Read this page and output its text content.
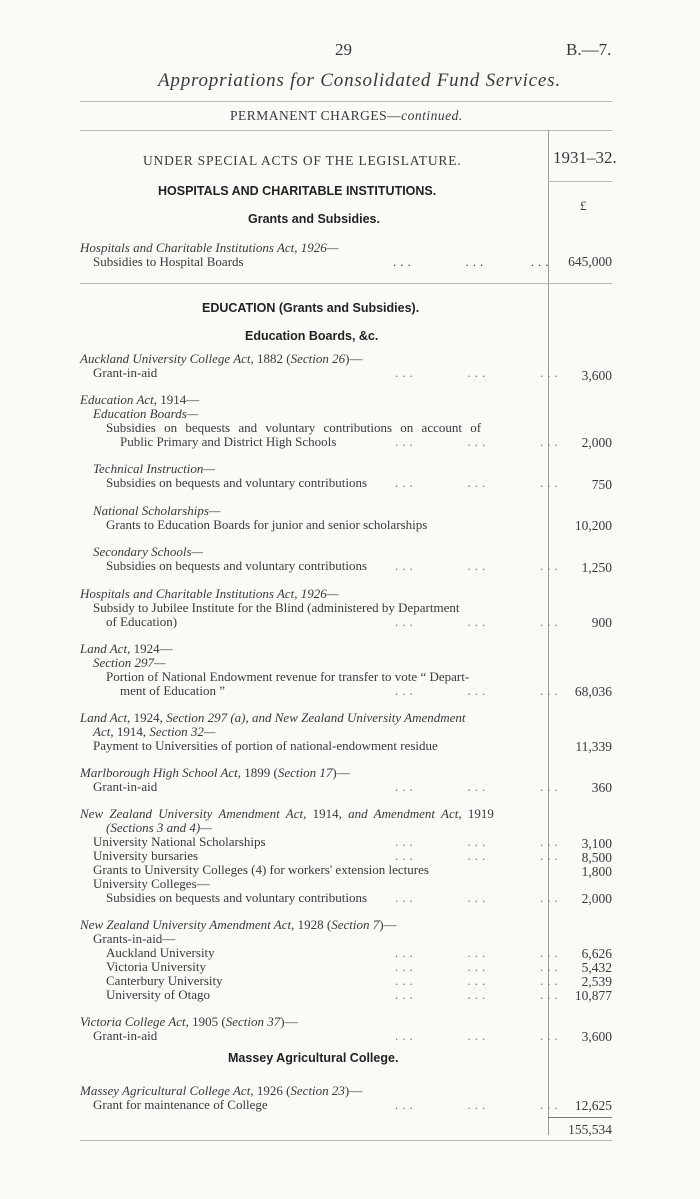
29	B.—7.
Appropriations for Consolidated Fund Services.
PERMANENT CHARGES—continued.
UNDER SPECIAL ACTS OF THE LEGISLATURE.	1931–32.
HOSPITALS AND CHARITABLE INSTITUTIONS.
£
Grants and Subsidies.
Hospitals and Charitable Institutions Act, 1926—
Subsidies to Hospital Boards	...       ...      ... 645,000
EDUCATION (Grants and Subsidies).
Education Boards, &c.
Auckland University College Act, 1882 (Section 26)—
Grant-in-aid	3,600
Education Act, 1914—
Education Boards—
Subsidies on bequests and voluntary contributions on account of
Public Primary and District High Schools	2,000
Technical Instruction—
Subsidies on bequests and voluntary contributions	750
National Scholarships—
Grants to Education Boards for junior and senior scholarships	10,200
Secondary Schools—
Subsidies on bequests and voluntary contributions	1,250
Hospitals and Charitable Institutions Act, 1926—
Subsidy to Jubilee Institute for the Blind (administered by Department
of Education)	900
Land Act, 1924—
Section 297—
Portion of National Endowment revenue for transfer to vote “ Depart-
ment of Education ”	68,036
Land Act, 1924, Section 297 (a), and New Zealand University Amendment
Act, 1914, Section 32—
Payment to Universities of portion of national-endowment residue	11,339
Marlborough High School Act, 1899 (Section 17)—
Grant-in-aid	360
New Zealand University Amendment Act, 1914, and Amendment Act, 1919
(Sections 3 and 4)—
University National Scholarships	3,100
University bursaries	8,500
Grants to University Colleges (4) for workers' extension lectures	1,800
University Colleges—
Subsidies on bequests and voluntary contributions	2,000
New Zealand University Amendment Act, 1928 (Section 7)—
Grants-in-aid—
Auckland University	6,626
Victoria University	5,432
Canterbury University	2,539
University of Otago	10,877
Victoria College Act, 1905 (Section 37)—
Grant-in-aid	3,600
Massey Agricultural College.
Massey Agricultural College Act, 1926 (Section 23)—
Grant for maintenance of College	12,625
155,534
...       ...       ...
...       ...       ...
...       ...       ...
...       ...       ...
...       ...       ...
...       ...       ...
...       ...       ...
...       ...       ...
...       ...       ...
...       ...       ...
...       ...       ...
...       ...       ...
...       ...       ...
...       ...       ...
...       ...       ...
...       ...       ...
